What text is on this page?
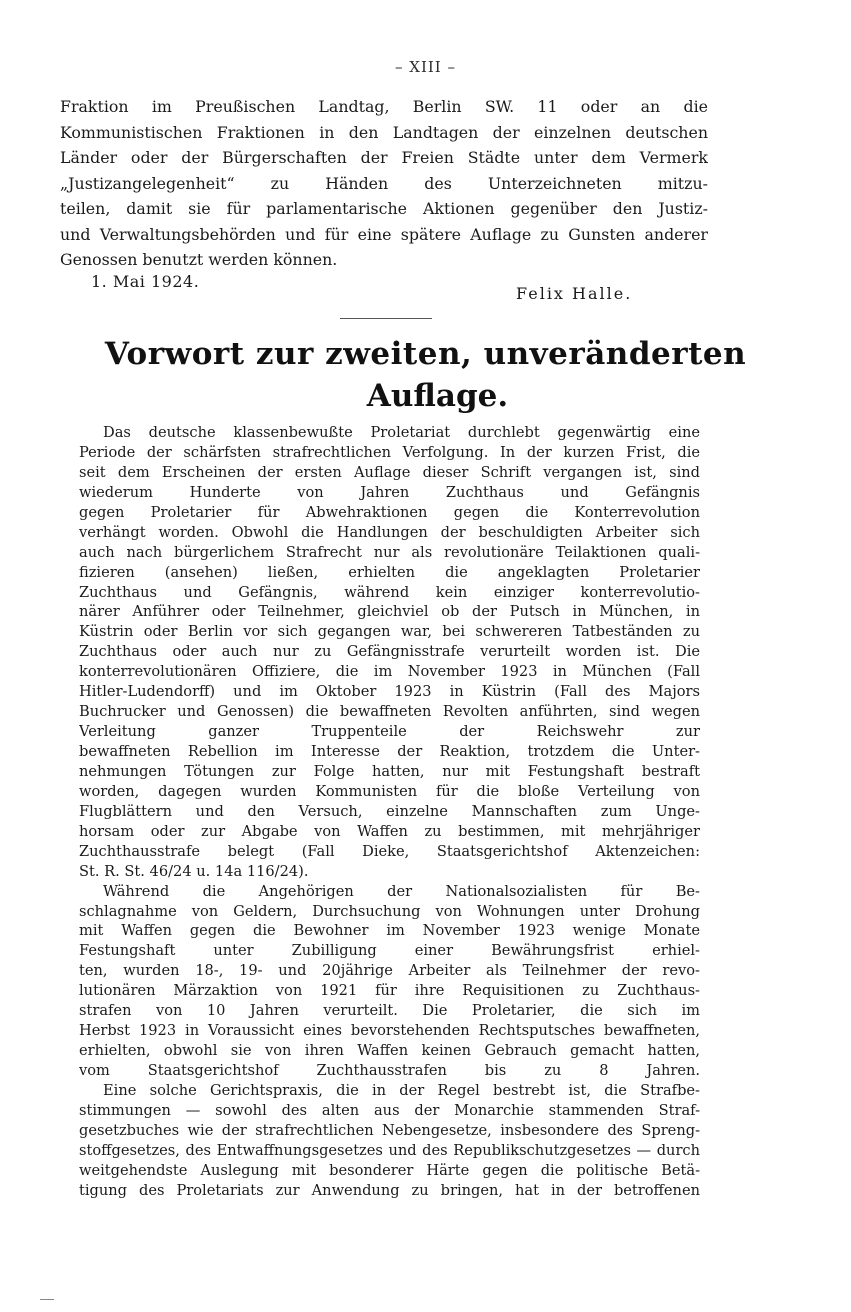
– XIII –
Fraktion im Preußischen Landtag, Berlin SW. 11 oder an die
Kommunistischen Fraktionen in den Landtagen der einzelnen deutschen
Länder oder der Bürgerschaften der Freien Städte unter dem Vermerk
„Justizangelegenheit“ zu Händen des Unterzeichneten mitzu-
teilen, damit sie für parlamentarische Aktionen gegenüber den Justiz-
und Verwaltungsbehörden und für eine spätere Auflage zu Gunsten anderer
Genossen benutzt werden können.
1. Mai 1924.
Felix Halle.
Vorwort zur zweiten, unveränderten
Auflage.
Das deutsche klassenbewußte Proletariat durchlebt gegenwärtig eine
Periode der schärfsten strafrechtlichen Verfolgung. In der kurzen Frist, die
seit dem Erscheinen der ersten Auflage dieser Schrift vergangen ist, sind
wiederum Hunderte von Jahren Zuchthaus und Gefängnis
gegen Proletarier für Abwehraktionen gegen die Konterrevolution
verhängt worden. Obwohl die Handlungen der beschuldigten Arbeiter sich
auch nach bürgerlichem Strafrecht nur als revolutionäre Teilaktionen quali-
fizieren (ansehen) ließen, erhielten die angeklagten Proletarier
Zuchthaus und Gefängnis, während kein einziger konterrevolutio-
närer Anführer oder Teilnehmer, gleichviel ob der Putsch in München, in
Küstrin oder Berlin vor sich gegangen war, bei schwereren Tatbeständen zu
Zuchthaus oder auch nur zu Gefängnisstrafe verurteilt worden ist. Die
konterrevolutionären Offiziere, die im November 1923 in München (Fall
Hitler-Ludendorff) und im Oktober 1923 in Küstrin (Fall des Majors
Buchrucker und Genossen) die bewaffneten Revolten anführten, sind wegen
Verleitung ganzer Truppenteile der Reichswehr zur
bewaffneten Rebellion im Interesse der Reaktion, trotzdem die Unter-
nehmungen Tötungen zur Folge hatten, nur mit Festungshaft bestraft
worden, dagegen wurden Kommunisten für die bloße Verteilung von
Flugblättern und den Versuch, einzelne Mannschaften zum Unge-
horsam oder zur Abgabe von Waffen zu bestimmen, mit mehrjähriger
Zuchthausstrafe belegt (Fall Dieke, Staatsgerichtshof Aktenzeichen:
St. R. St. 46/24 u. 14a 116/24).
Während die Angehörigen der Nationalsozialisten für Be-
schlagnahme von Geldern, Durchsuchung von Wohnungen unter Drohung
mit Waffen gegen die Bewohner im November 1923 wenige Monate
Festungshaft unter Zubilligung einer Bewährungsfrist erhiel-
ten, wurden 18-, 19- und 20jährige Arbeiter als Teilnehmer der revo-
lutionären Märzaktion von 1921 für ihre Requisitionen zu Zuchthaus-
strafen von 10 Jahren verurteilt. Die Proletarier, die sich im
Herbst 1923 in Voraussicht eines bevorstehenden Rechtsputsches bewaffneten,
erhielten, obwohl sie von ihren Waffen keinen Gebrauch gemacht hatten,
vom Staatsgerichtshof Zuchthausstrafen bis zu 8 Jahren.
Eine solche Gerichtspraxis, die in der Regel bestrebt ist, die Strafbe-
stimmungen — sowohl des alten aus der Monarchie stammenden Straf-
gesetzbuches wie der strafrechtlichen Nebengesetze, insbesondere des Spreng-
stoffgesetzes, des Entwaffnungsgesetzes und des Republikschutzgesetzes — durch
weitgehendste Auslegung mit besonderer Härte gegen die politische Betä-
tigung des Proletariats zur Anwendung zu bringen, hat in der betroffenen
